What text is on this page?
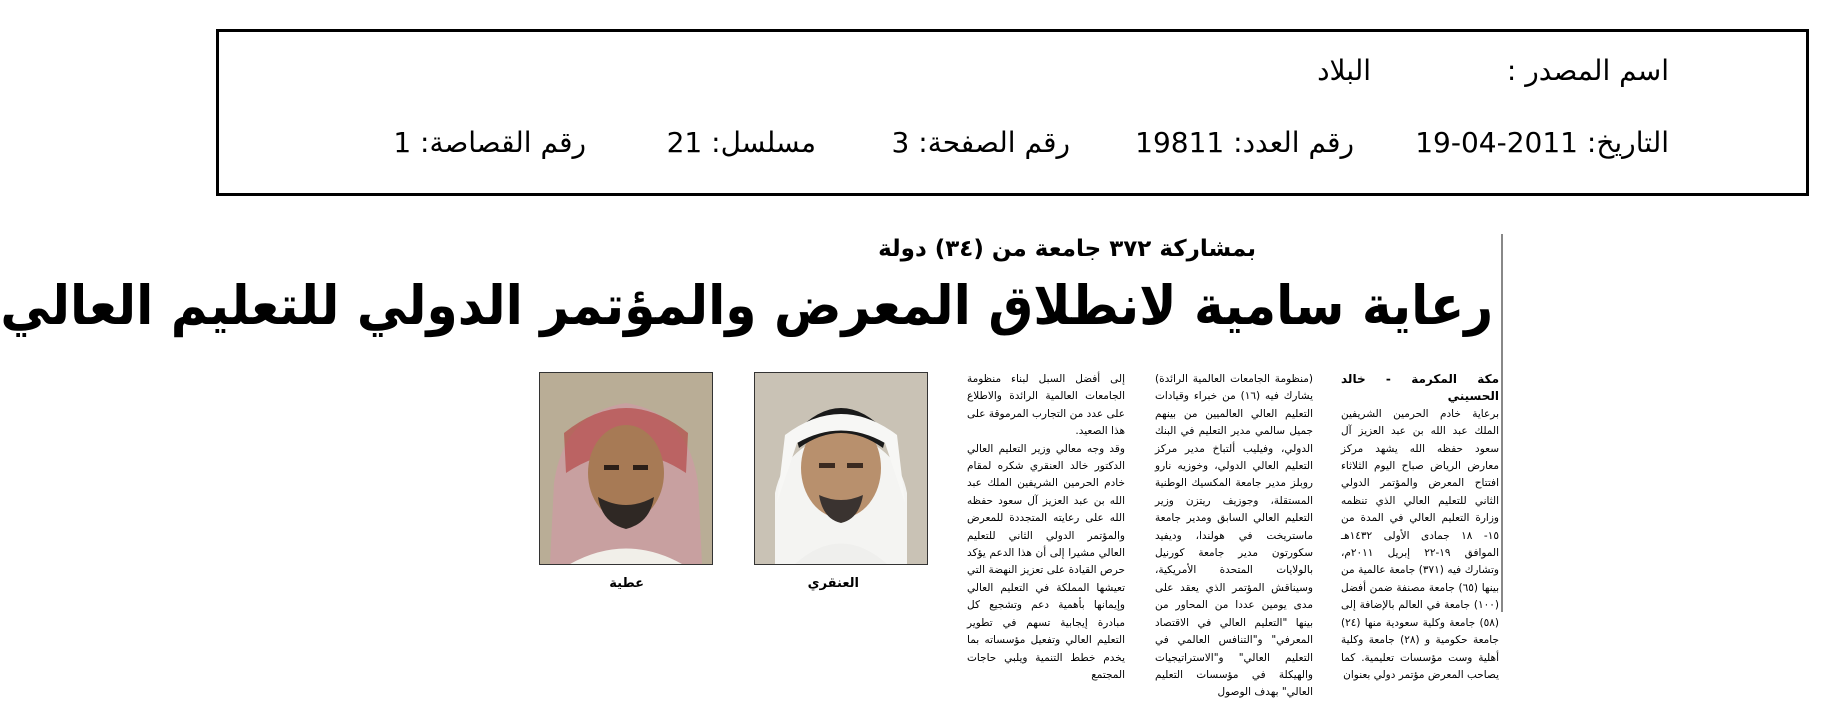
اسم المصدر :
البلاد
التاريخ: 2011-04-19
رقم العدد: 19811
رقم الصفحة: 3
مسلسل: 21
رقم القصاصة: 1
بمشاركة ٣٧٢ جامعة من (٣٤) دولة
رعاية سامية لانطلاق المعرض والمؤتمر الدولي للتعليم العالي
مكة المكرمة - خالد الحسيني

برعاية خادم الحرمين الشريفين الملك عبد الله بن عبد العزيز آل سعود حفظه الله يشهد مركز معارض الرياض صباح اليوم الثلاثاء افتتاح المعرض والمؤتمر الدولي الثاني للتعليم العالي الذي تنظمه وزارة التعليم العالي في المدة من ١٥- ١٨ جمادى الأولى ١٤٣٢هـ الموافق ١٩-٢٢ إبريل ٢٠١١م، وتشارك فيه (٣٧١) جامعة عالمية من بينها (٦٥) جامعة مصنفة ضمن أفضل (١٠٠) جامعة في العالم بالإضافة إلى (٥٨) جامعة وكلية سعودية منها (٢٤) جامعة حكومية و (٢٨) جامعة وكلية أهلية وست مؤسسات تعليمية. كما يصاحب المعرض مؤتمر دولي بعنوان

(منظومة الجامعات العالمية الرائدة) يشارك فيه (١٦) من خبراء وقيادات التعليم العالي العالميين من بينهم جميل سالمي مدير التعليم في البنك الدولي، وفيليب ألتباخ مدير مركز التعليم العالي الدولي، وخوزيه نارو روبلز مدير جامعة المكسيك الوطنية المستقلة، وجوزيف ريتزن وزير التعليم العالي السابق ومدير جامعة ماستريخت في هولندا، وديفيد سكورتون مدير جامعة كورنيل بالولايات المتحدة الأمريكية، وسيناقش المؤتمر الذي يعقد على مدى يومين عددا من المحاور من بينها "التعليم العالي في الاقتصاد المعرفي" و"التنافس العالمي في التعليم العالي" و"الاستراتيجيات والهيكلة في مؤسسات التعليم العالي" بهدف الوصول

إلى أفضل السبل لبناء منظومة الجامعات العالمية الرائدة والاطلاع على عدد من التجارب المرموقة على هذا الصعيد.

وقد وجه معالي وزير التعليم العالي الدكتور خالد العنقري شكره لمقام خادم الحرمين الشريفين الملك عبد الله بن عبد العزيز آل سعود حفظه الله على رعايته المتجددة للمعرض والمؤتمر الدولي الثاني للتعليم العالي مشيرا إلى أن هذا الدعم يؤكد حرص القيادة على تعزيز النهضة التي تعيشها المملكة في التعليم العالي وإيمانها بأهمية دعم وتشجيع كل مبادرة إيجابية تسهم في تطوير التعليم العالي وتفعيل مؤسساته بما يخدم خطط التنمية ويلبي حاجات المجتمع

العنقري
عطية
